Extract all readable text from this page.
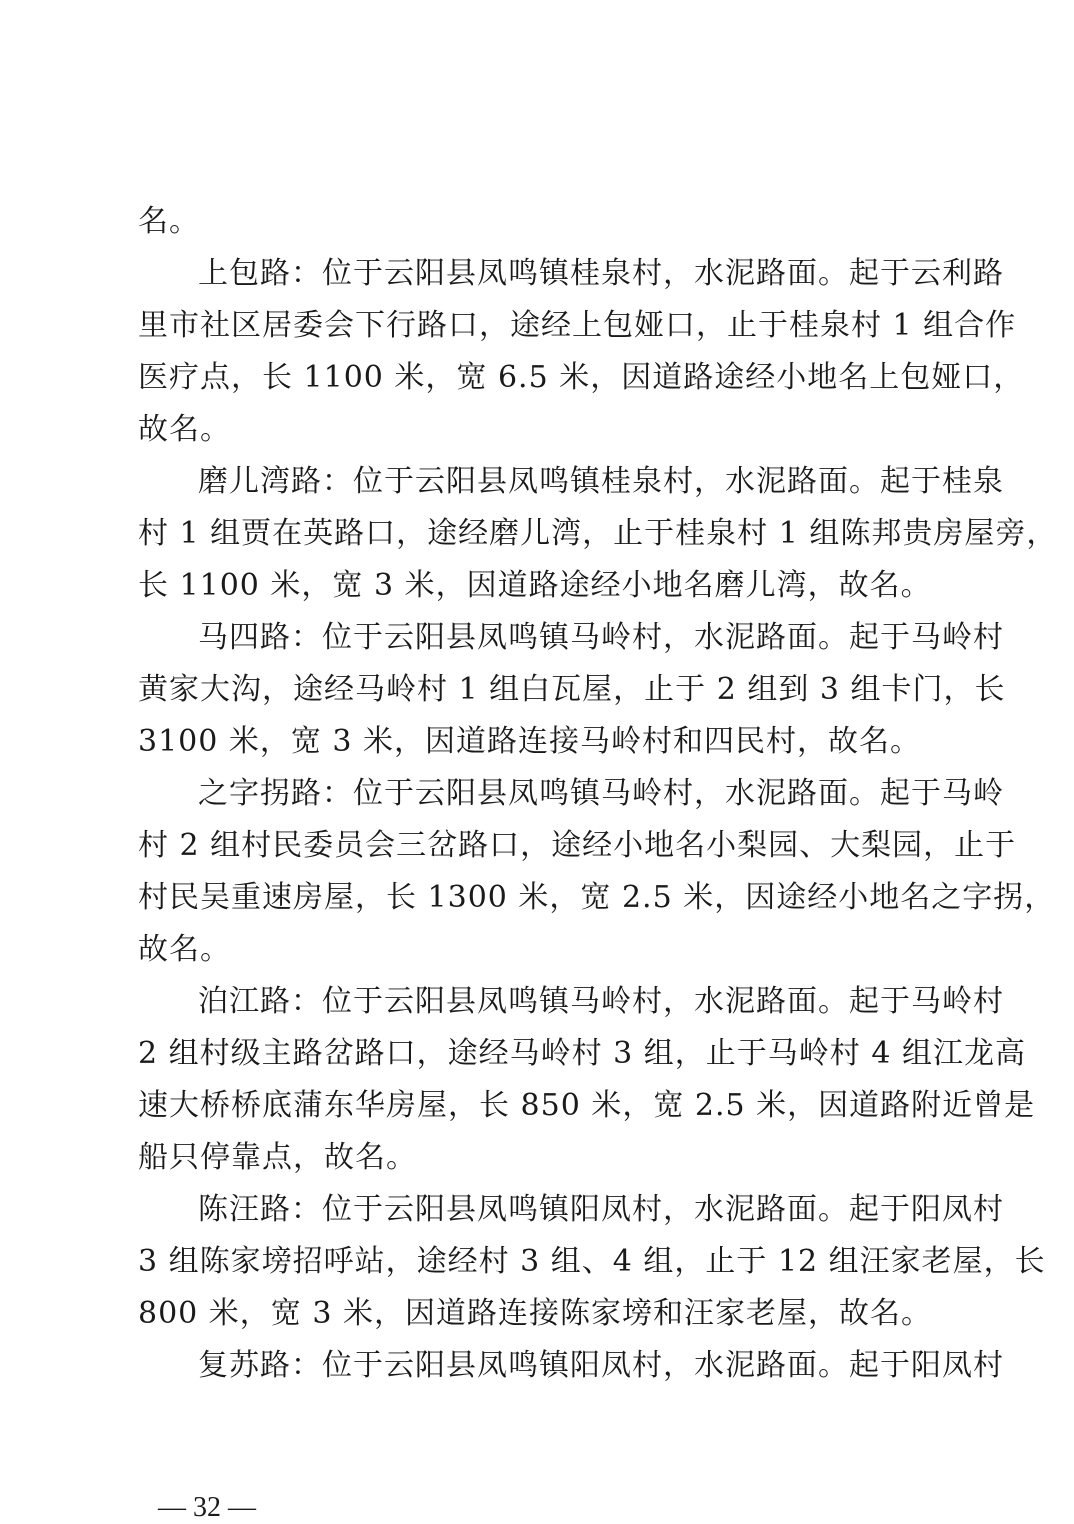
名。
上包路：位于云阳县凤鸣镇桂泉村，水泥路面。起于云利路
里市社区居委会下行路口，途经上包娅口，止于桂泉村 1 组合作
医疗点，长 1100 米，宽 6.5 米，因道路途经小地名上包娅口，
故名。
磨儿湾路：位于云阳县凤鸣镇桂泉村，水泥路面。起于桂泉
村 1 组贾在英路口，途经磨儿湾，止于桂泉村 1 组陈邦贵房屋旁，
长 1100 米，宽 3 米，因道路途经小地名磨儿湾，故名。
马四路：位于云阳县凤鸣镇马岭村，水泥路面。起于马岭村
黄家大沟，途经马岭村 1 组白瓦屋，止于 2 组到 3 组卡门，长
3100 米，宽 3 米，因道路连接马岭村和四民村，故名。
之字拐路：位于云阳县凤鸣镇马岭村，水泥路面。起于马岭
村 2 组村民委员会三岔路口，途经小地名小梨园、大梨园，止于
村民吴重速房屋，长 1300 米，宽 2.5 米，因途经小地名之字拐，
故名。
泊江路：位于云阳县凤鸣镇马岭村，水泥路面。起于马岭村
2 组村级主路岔路口，途经马岭村 3 组，止于马岭村 4 组江龙高
速大桥桥底蒲东华房屋，长 850 米，宽 2.5 米，因道路附近曾是
船只停靠点，故名。
陈汪路：位于云阳县凤鸣镇阳凤村，水泥路面。起于阳凤村
3 组陈家塝招呼站，途经村 3 组、4 组，止于 12 组汪家老屋，长
800 米，宽 3 米，因道路连接陈家塝和汪家老屋，故名。
复苏路：位于云阳县凤鸣镇阳凤村，水泥路面。起于阳凤村
— 32 —
